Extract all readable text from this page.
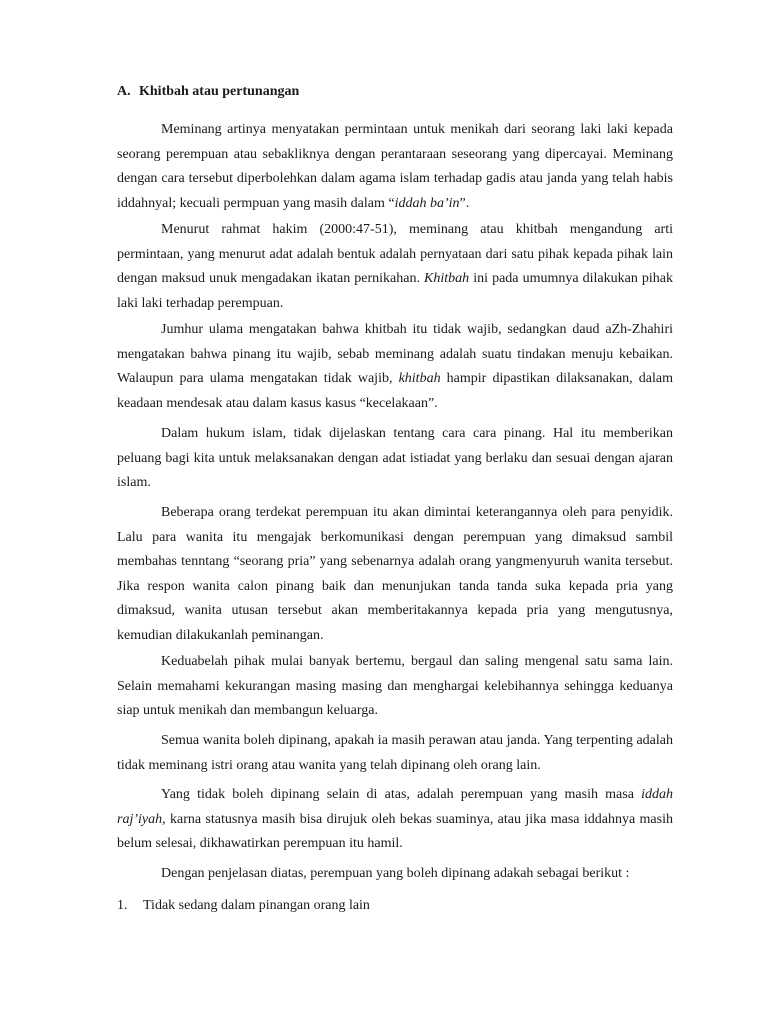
A. Khitbah atau pertunangan

Meminang artinya menyatakan permintaan untuk menikah dari seorang laki laki kepada seorang perempuan atau sebakliknya dengan perantaraan seseorang yang dipercayai. Meminang dengan cara tersebut diperbolehkan dalam agama islam terhadap gadis atau janda yang telah habis iddahnyal; kecuali permpuan yang masih dalam “iddah ba’in”.

Menurut rahmat hakim (2000:47-51), meminang atau khitbah mengandung arti permintaan, yang menurut adat adalah bentuk adalah pernyataan dari satu pihak kepada pihak lain dengan maksud unuk mengadakan ikatan pernikahan. Khitbah ini pada umumnya dilakukan pihak laki laki terhadap perempuan.

Jumhur ulama mengatakan bahwa khitbah itu tidak wajib, sedangkan daud aZh-Zhahiri mengatakan bahwa pinang itu wajib, sebab meminang adalah suatu tindakan menuju kebaikan. Walaupun para ulama mengatakan tidak wajib, khitbah hampir dipastikan dilaksanakan, dalam keadaan mendesak atau dalam kasus kasus “kecelakaan”.

Dalam hukum islam, tidak dijelaskan tentang cara cara pinang. Hal itu memberikan peluang bagi kita untuk melaksanakan dengan adat istiadat yang berlaku dan sesuai dengan ajaran islam.

Beberapa orang terdekat perempuan itu akan dimintai keterangannya oleh para penyidik. Lalu para wanita itu mengajak berkomunikasi dengan perempuan yang dimaksud sambil membahas tenntang “seorang pria” yang sebenarnya adalah orang yangmenyuruh wanita tersebut. Jika respon wanita calon pinang baik dan menunjukan tanda tanda suka kepada pria yang dimaksud, wanita utusan tersebut akan memberitakannya kepada pria yang mengutusnya, kemudian dilakukanlah peminangan.

Keduabelah pihak mulai banyak bertemu, bergaul dan saling mengenal satu sama lain. Selain memahami kekurangan masing masing dan menghargai kelebihannya sehingga keduanya siap untuk menikah dan membangun keluarga.

Semua wanita boleh dipinang, apakah ia masih perawan atau janda. Yang terpenting adalah tidak meminang istri orang atau wanita yang telah dipinang oleh orang lain.

Yang tidak boleh dipinang selain di atas, adalah perempuan yang masih masa iddah raj’iyah, karna statusnya masih bisa dirujuk oleh bekas suaminya, atau jika masa iddahnya masih belum selesai, dikhawatirkan perempuan itu hamil.

Dengan penjelasan diatas, perempuan yang boleh dipinang adakah sebagai berikut :

1. Tidak sedang dalam pinangan orang lain
